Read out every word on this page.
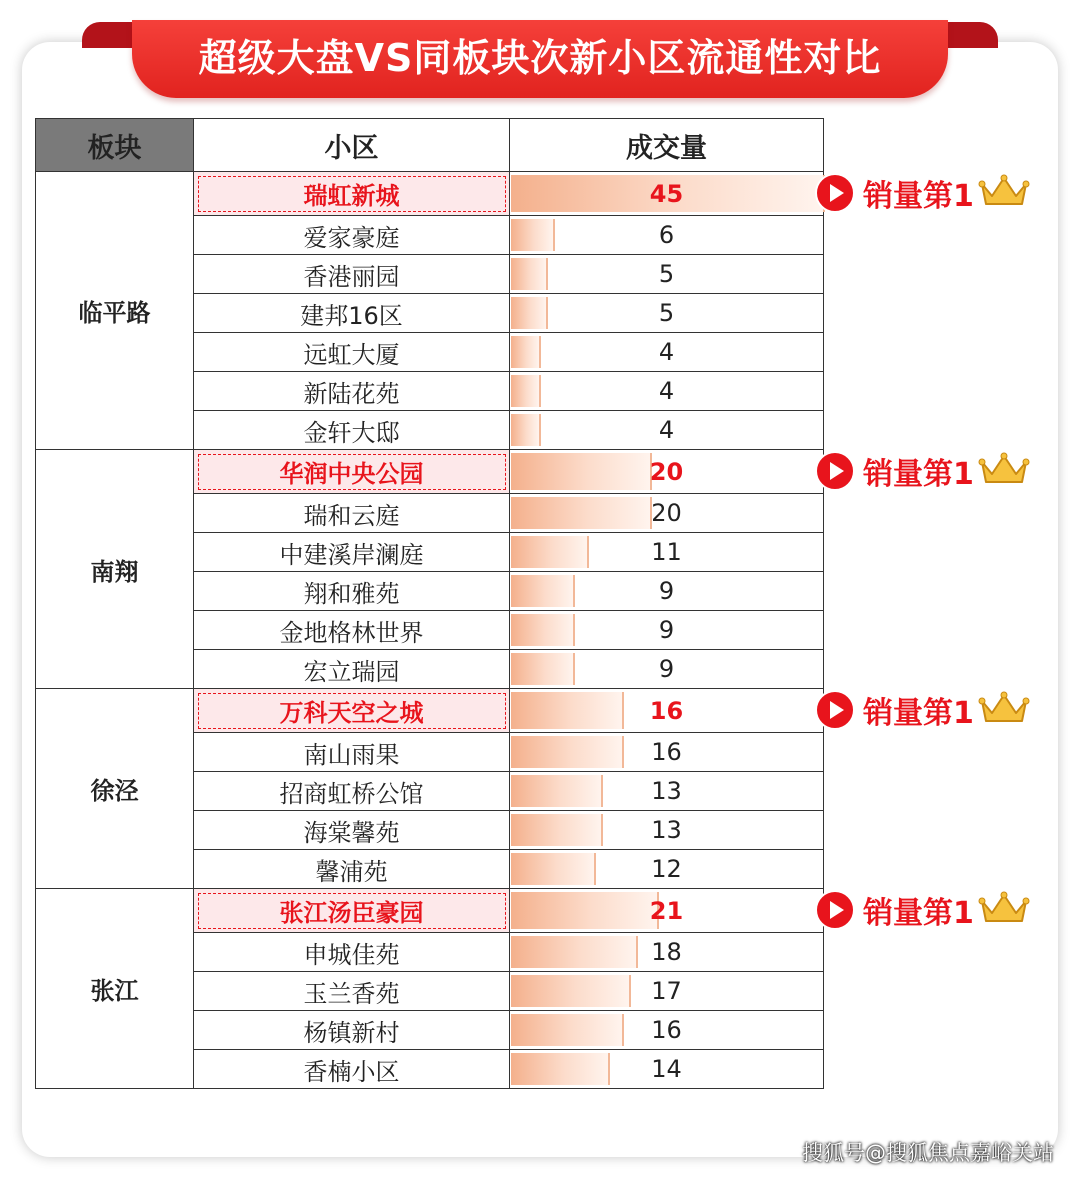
超级大盘VS同板块次新小区流通性对比
板块	小区	成交量
临平路	瑞虹新城	45
	爱家豪庭	6
	香港丽园	5
	建邦16区	5
	远虹大厦	4
	新陆花苑	4
	金轩大邸	4
南翔	华润中央公园	20
	瑞和云庭	20
	中建溪岸澜庭	11
	翔和雅苑	9
	金地格林世界	9
	宏立瑞园	9
徐泾	万科天空之城	16
	南山雨果	16
	招商虹桥公馆	13
	海棠馨苑	13
	馨浦苑	12
张江	张江汤臣豪园	21
	申城佳苑	18
	玉兰香苑	17
	杨镇新村	16
	香楠小区	14
销量第1
销量第1
销量第1
销量第1
搜狐号@搜狐焦点嘉峪关站
